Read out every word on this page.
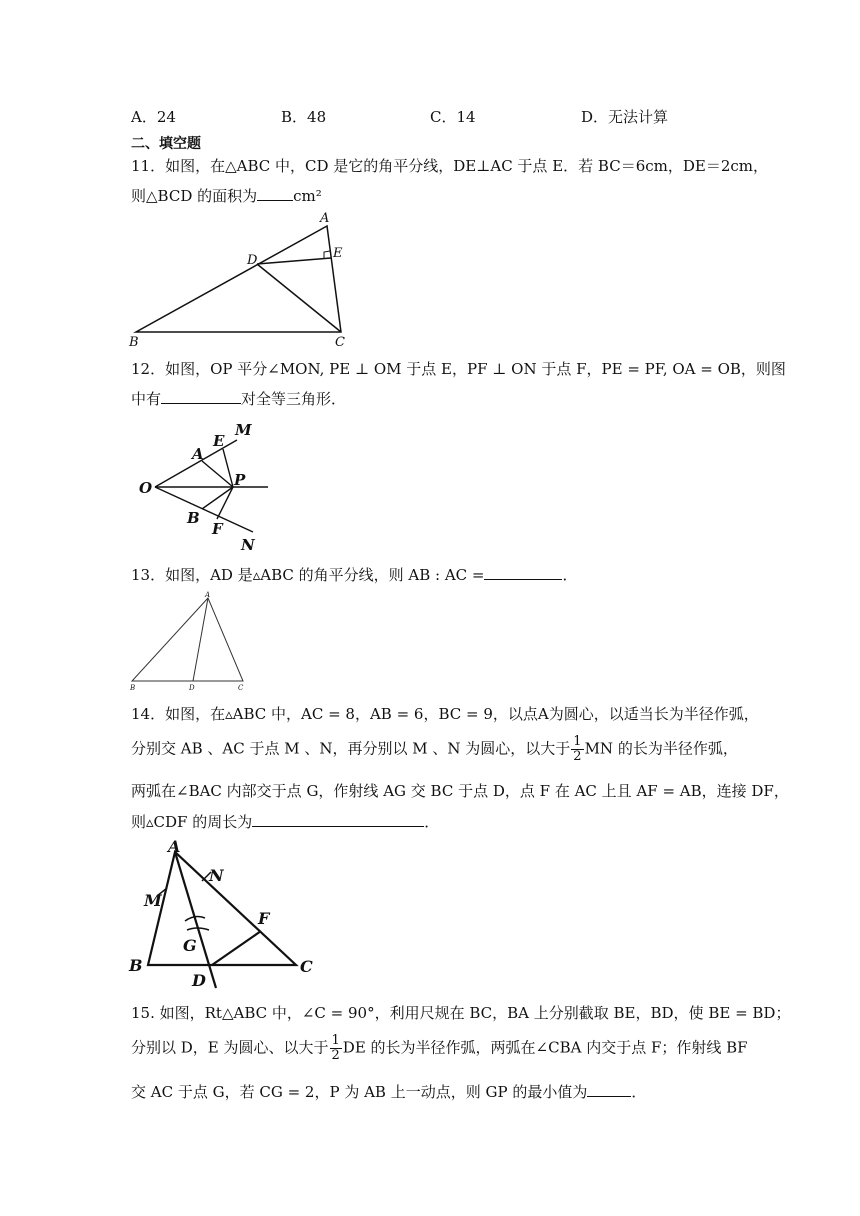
A．24	B．48	C．14	D．无法计算
二、填空题
11．如图，在△ABC 中，CD 是它的角平分线，DE⊥AC 于点 E．若 BC＝6cm，DE＝2cm，
则△BCD 的面积为 cm²
A
D	E
B	C
12．如图，OP 平分∠MON, PE ⊥ OM 于点 E，PF ⊥ ON 于点 F，PE = PF, OA = OB，则图
中有	对全等三角形．
O
A
E
M
P
B
F
N
13．如图，AD 是▵ABC 的角平分线，则 AB : AC =	．
A
B	D	C
14．如图，在▵ABC 中，AC = 8，AB = 6，BC = 9，以点A为圆心，以适当长为半径作弧，
分别交 AB 、AC 于点 M 、N，再分别以 M 、N 为圆心，以大于 $\frac{1}{2}$ MN 的长为半径作弧，
两弧在∠BAC 内部交于点 G，作射线 AG 交 BC 于点 D，点 F 在 AC 上且 AF = AB，连接 DF，
则▵CDF 的周长为	．
A
N
M
F
G
B
D
C
15. 如图，Rt△ABC 中，∠C = 90°，利用尺规在 BC，BA 上分别截取 BE，BD，使 BE = BD；
分别以 D，E 为圆心、以大于 $\frac{1}{2}$ DE 的长为半径作弧，两弧在∠CBA 内交于点 F；作射线 BF
交 AC 于点 G，若 CG = 2，P 为 AB 上一动点，则 GP 的最小值为	．
